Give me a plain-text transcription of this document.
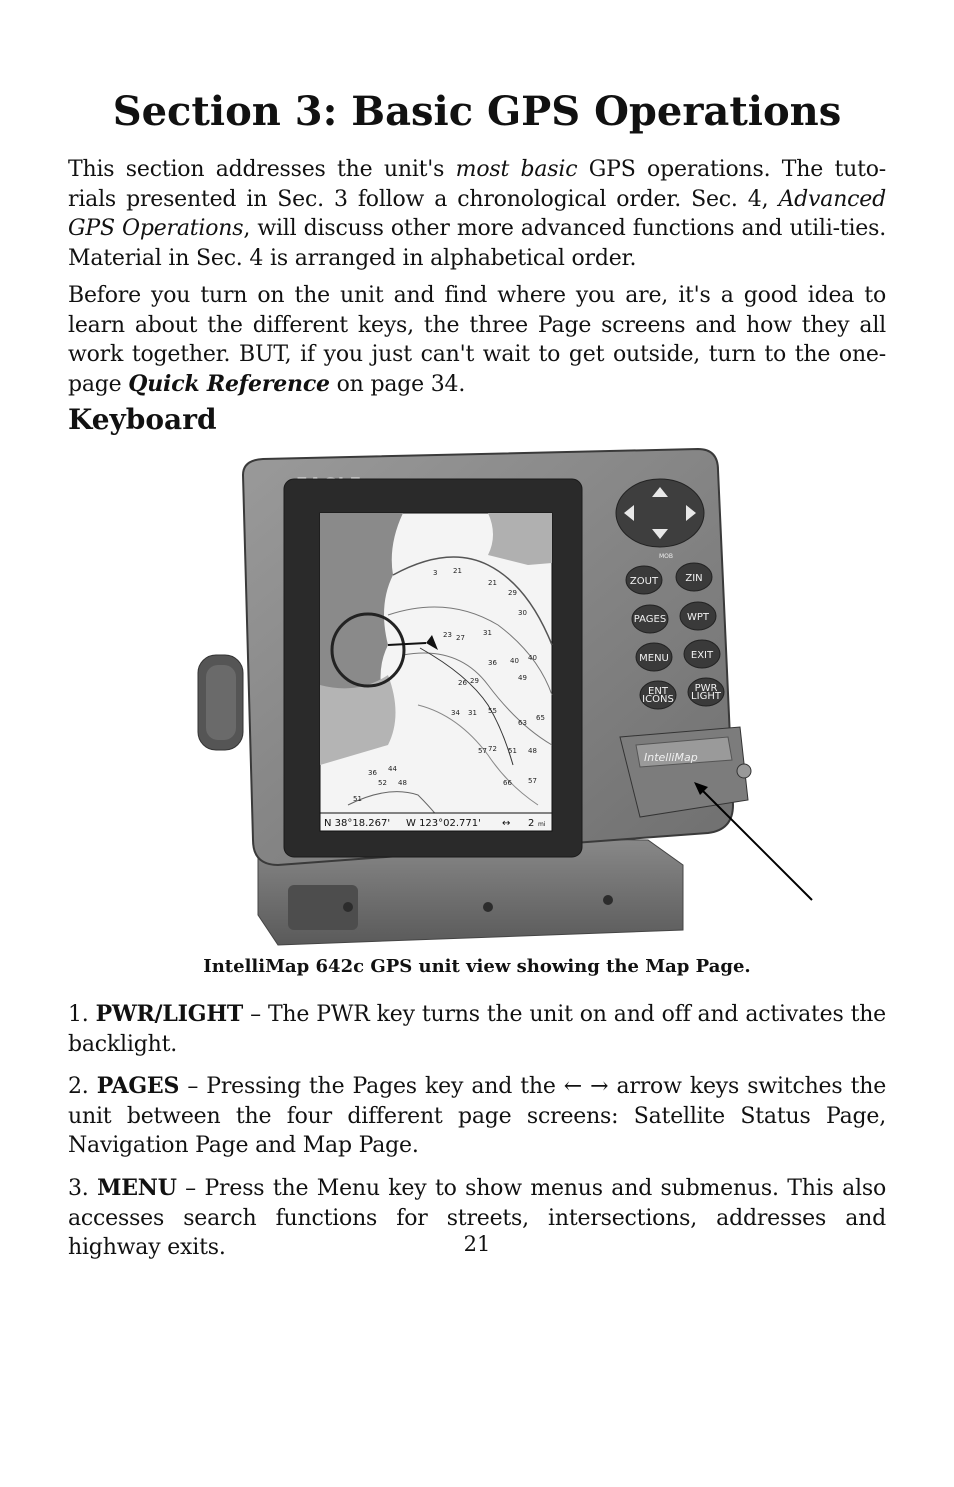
Section 3: Basic GPS Operations

This section addresses the unit's most basic GPS operations. The tuto-rials presented in Sec. 3 follow a chronological order. Sec. 4, Advanced GPS Operations, will discuss other more advanced functions and utili-ties. Material in Sec. 4 is arranged in alphabetical order.

Before you turn on the unit and find where you are, it's a good idea to learn about the different keys, the three Page screens and how they all work together. BUT, if you just can't wait to get outside, turn to the one-page Quick Reference on page 34.

Keyboard
3 21
21
29
30
23 27
31
36 40 40
49
26 29
34 31 55
63
65
57 72 51 48
36 44
48
52
51
66 57
N 38°18.267' W 123°02.771' ↔ 2 mi
MOB
ZOUT	ZIN
PAGES WPT
MENU EXIT
ENT
ICONS
PWR
LIGHT
IntelliMap

IntelliMap 642c GPS unit view showing the Map Page.

1. PWR/LIGHT – The PWR key turns the unit on and off and activates the backlight.

2. PAGES – Pressing the Pages key and the ← → arrow keys switches the unit between the four different page screens: Satellite Status Page, Navigation Page and Map Page.

3. MENU – Press the Menu key to show menus and submenus. This also accesses search functions for streets, intersections, addresses and highway exits.	21
